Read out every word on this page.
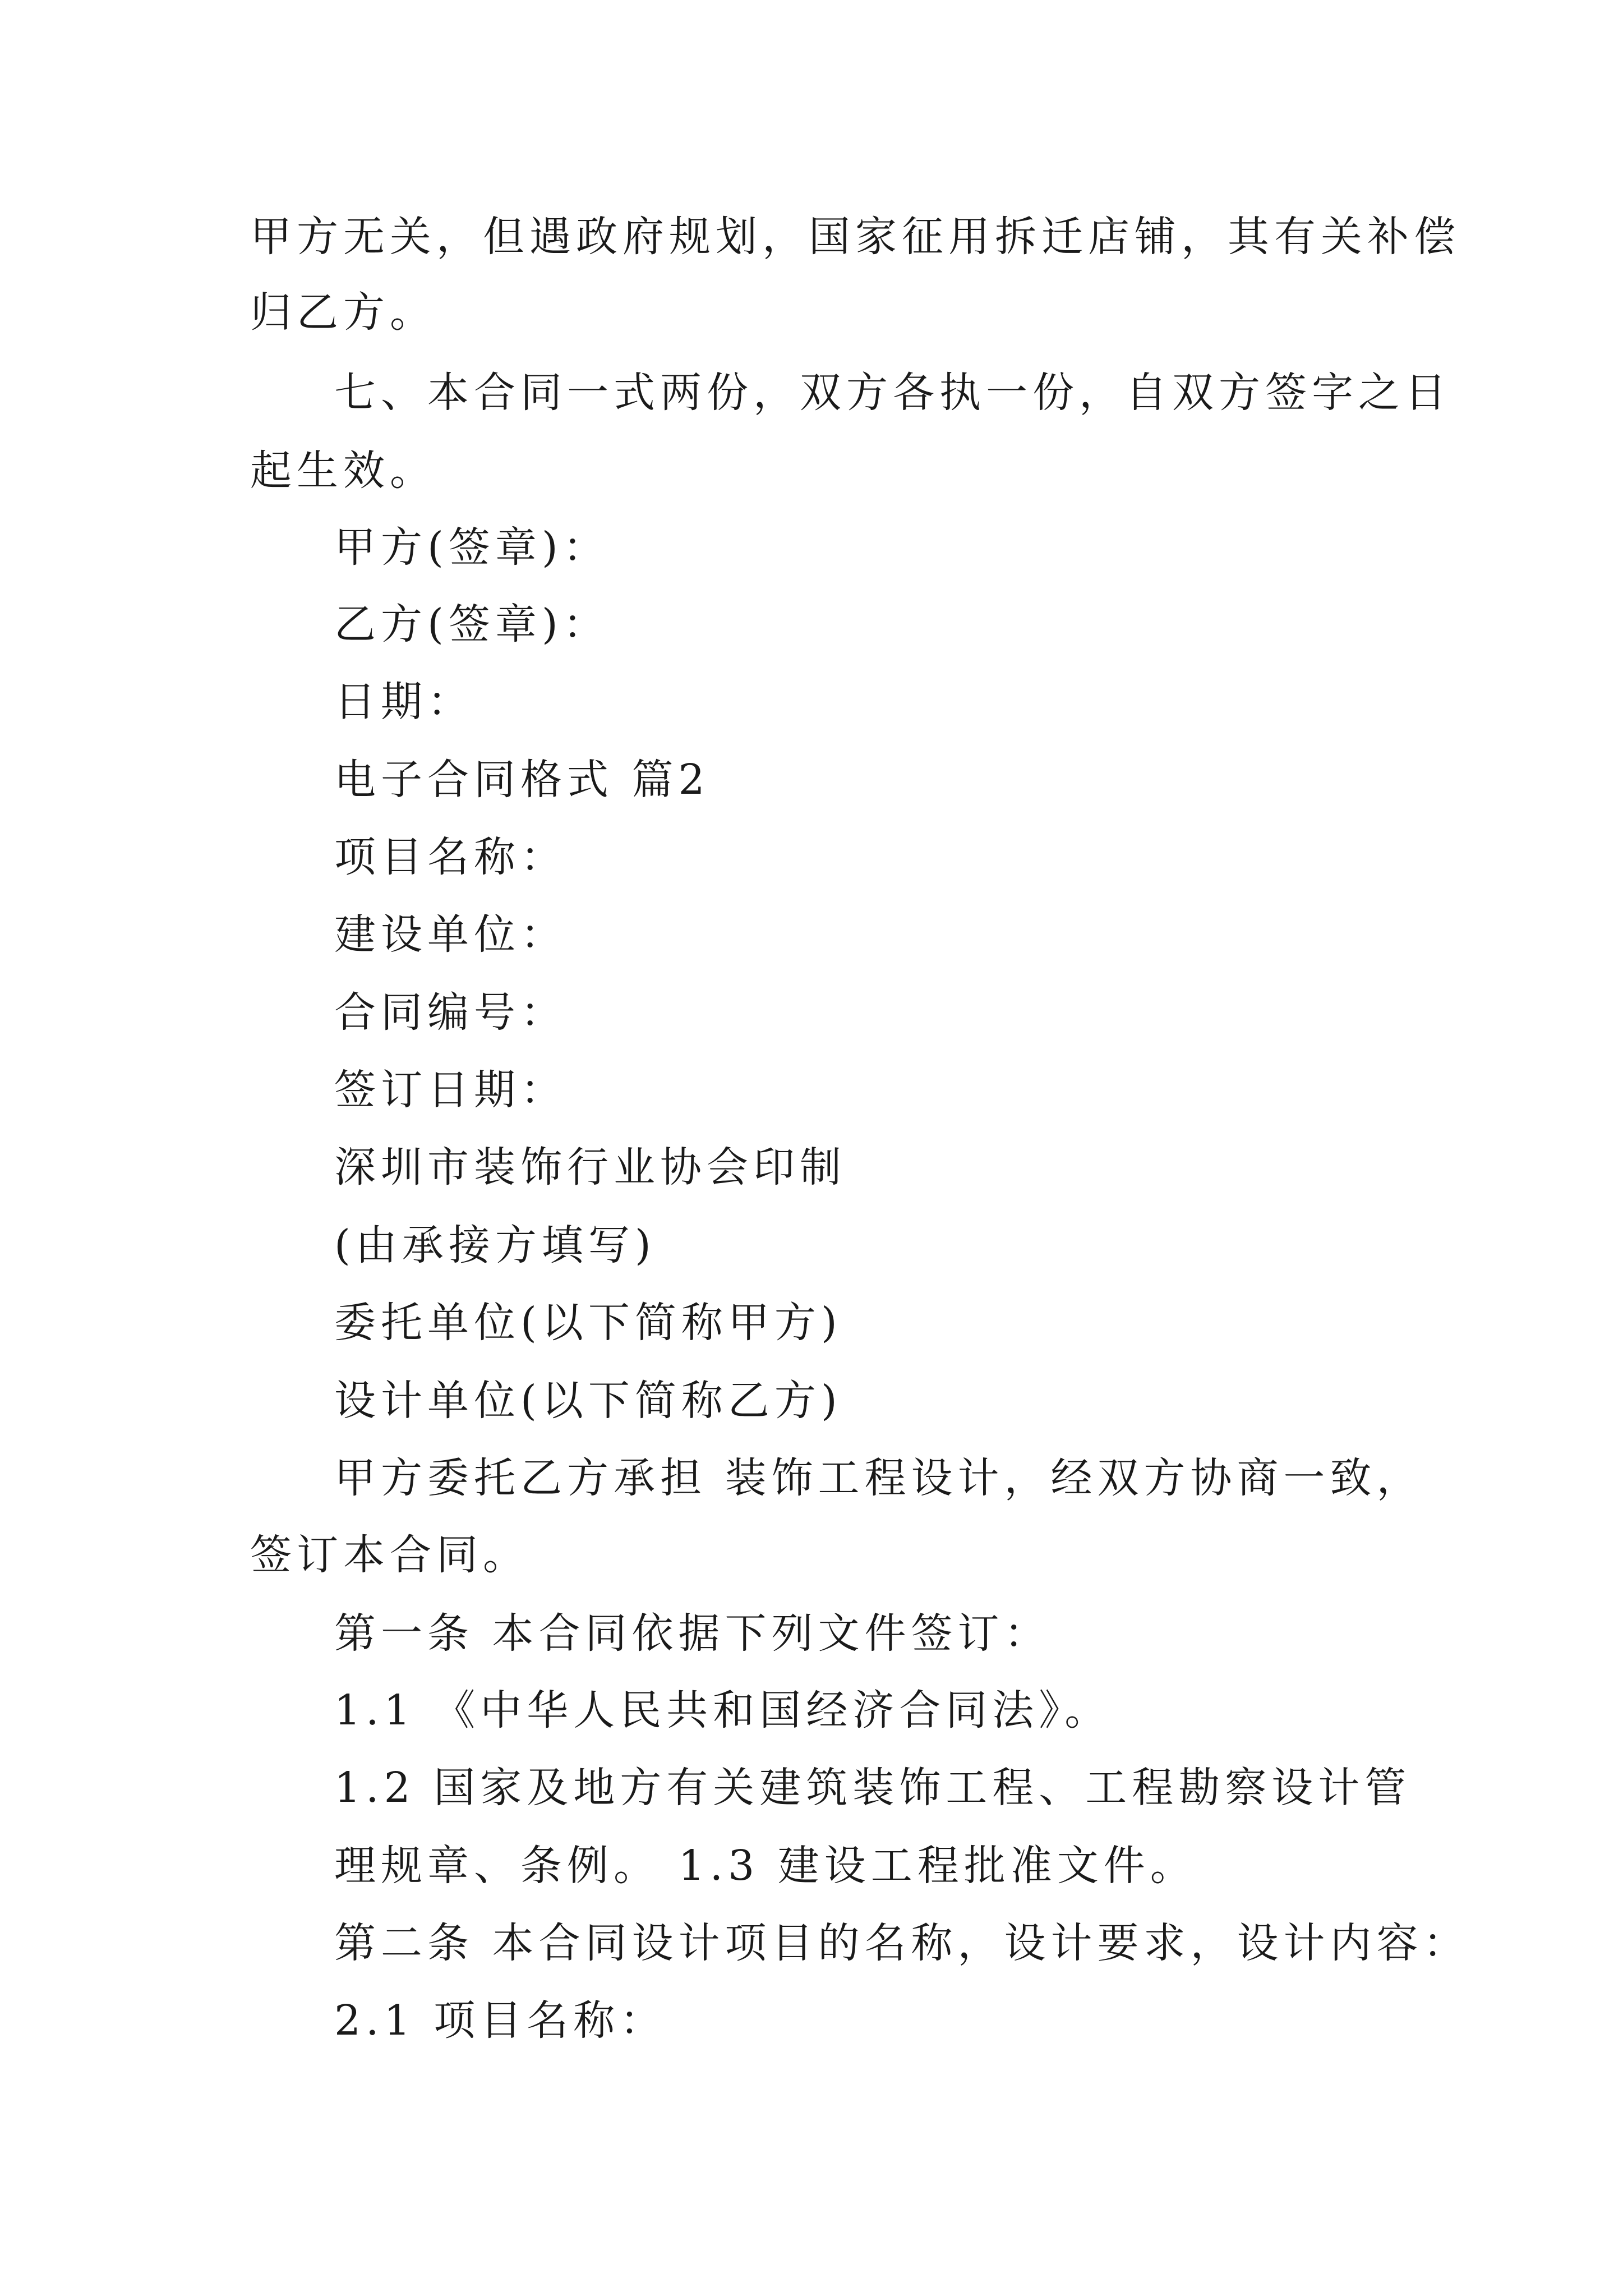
甲方无关，但遇政府规划，国家征用拆迁店铺，其有关补偿

归乙方。

七、本合同一式两份，双方各执一份，自双方签字之日

起生效。

甲方(签章)：

乙方(签章)：

日期：

电子合同格式 篇2

项目名称：

建设单位：

合同编号：

签订日期：

深圳市装饰行业协会印制

(由承接方填写)

委托单位(以下简称甲方)

设计单位(以下简称乙方)

甲方委托乙方承担 装饰工程设计，经双方协商一致，

签订本合同。

第一条 本合同依据下列文件签订：

1.1 《中华人民共和国经济合同法》。

1.2 国家及地方有关建筑装饰工程、工程勘察设计管

理规章、条例。 1.3 建设工程批准文件。

第二条 本合同设计项目的名称，设计要求，设计内容：

2.1 项目名称：
